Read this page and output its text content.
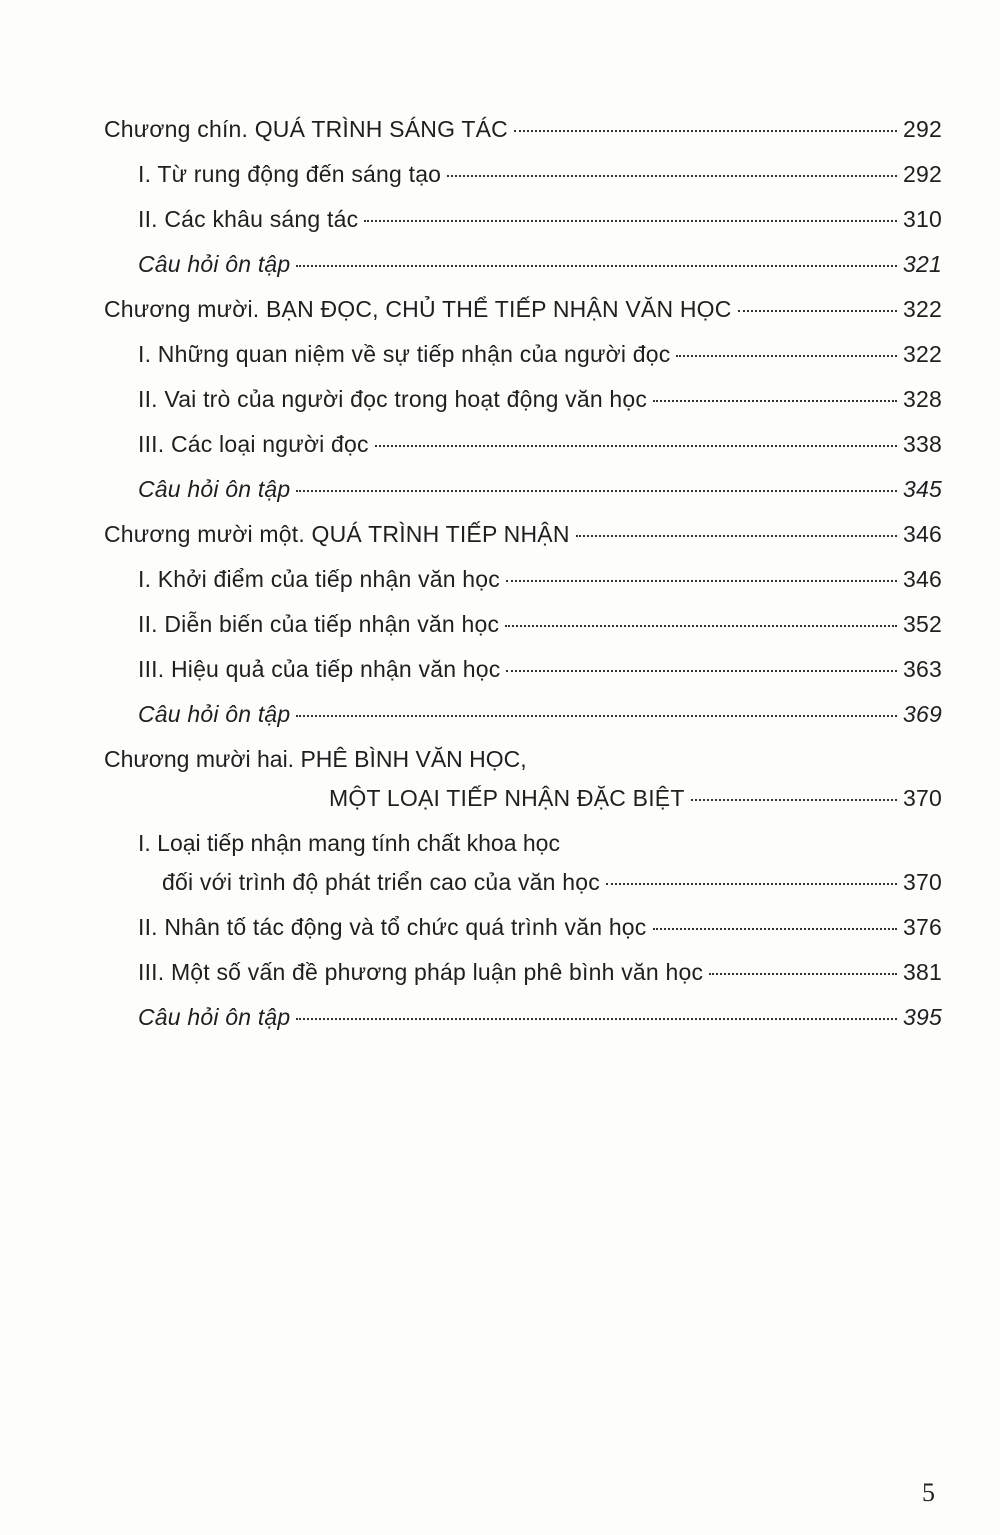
Chương chín. QUÁ TRÌNH SÁNG TÁC	292
I. Từ rung động đến sáng tạo	292
II. Các khâu sáng tác	310
Câu hỏi ôn tập	321
Chương mười. BẠN ĐỌC, CHỦ THỂ TIẾP NHẬN VĂN HỌC	322
I. Những quan niệm về sự tiếp nhận của người đọc	322
II. Vai trò của người đọc trong hoạt động văn học	328
III. Các loại người đọc	338
Câu hỏi ôn tập	345
Chương mười một. QUÁ TRÌNH TIẾP NHẬN	346
I. Khởi điểm của tiếp nhận văn học	346
II. Diễn biến của tiếp nhận văn học	352
III. Hiệu quả của tiếp nhận văn học	363
Câu hỏi ôn tập	369
Chương mười hai. PHÊ BÌNH VĂN HỌC,
MỘT LOẠI TIẾP NHẬN ĐẶC BIỆT	370
I. Loại tiếp nhận mang tính chất khoa học
đối với trình độ phát triển cao của văn học	370
II. Nhân tố tác động và tổ chức quá trình văn học	376
III. Một số vấn đề phương pháp luận phê bình văn học	381
Câu hỏi ôn tập	395
5
